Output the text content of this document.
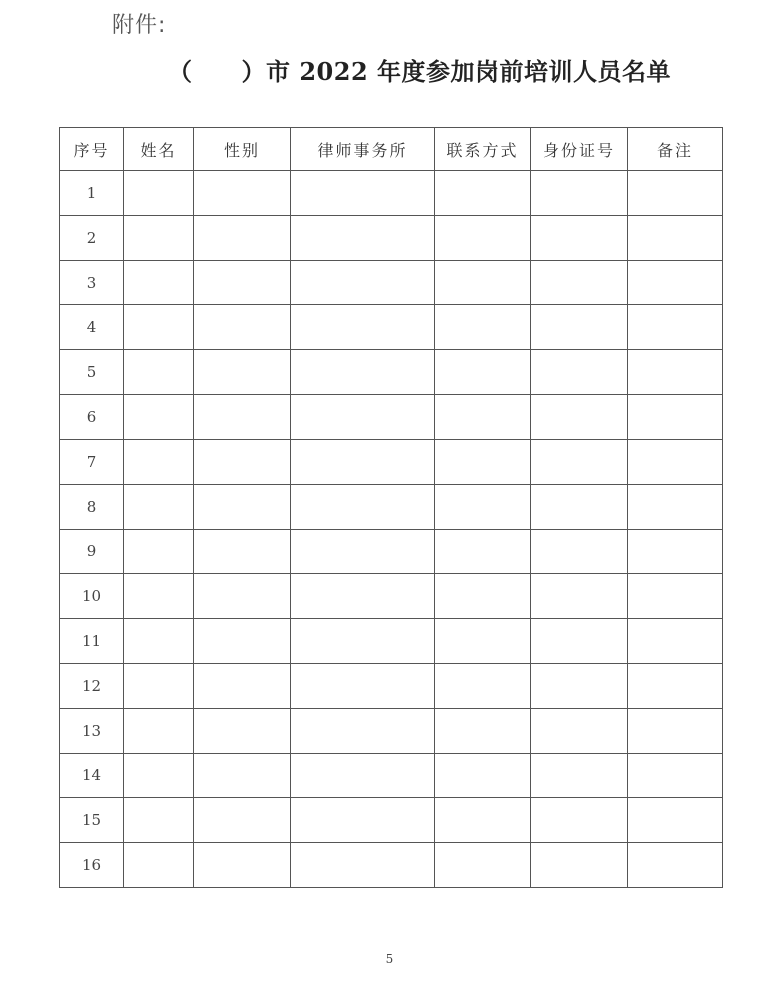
附件:
（　　）市 2022 年度参加岗前培训人员名单
序号	姓名	性别	律师事务所	联系方式	身份证号	备注
1						
2						
3						
4						
5						
6						
7						
8						
9						
10						
11						
12						
13						
14						
15						
16						
5
